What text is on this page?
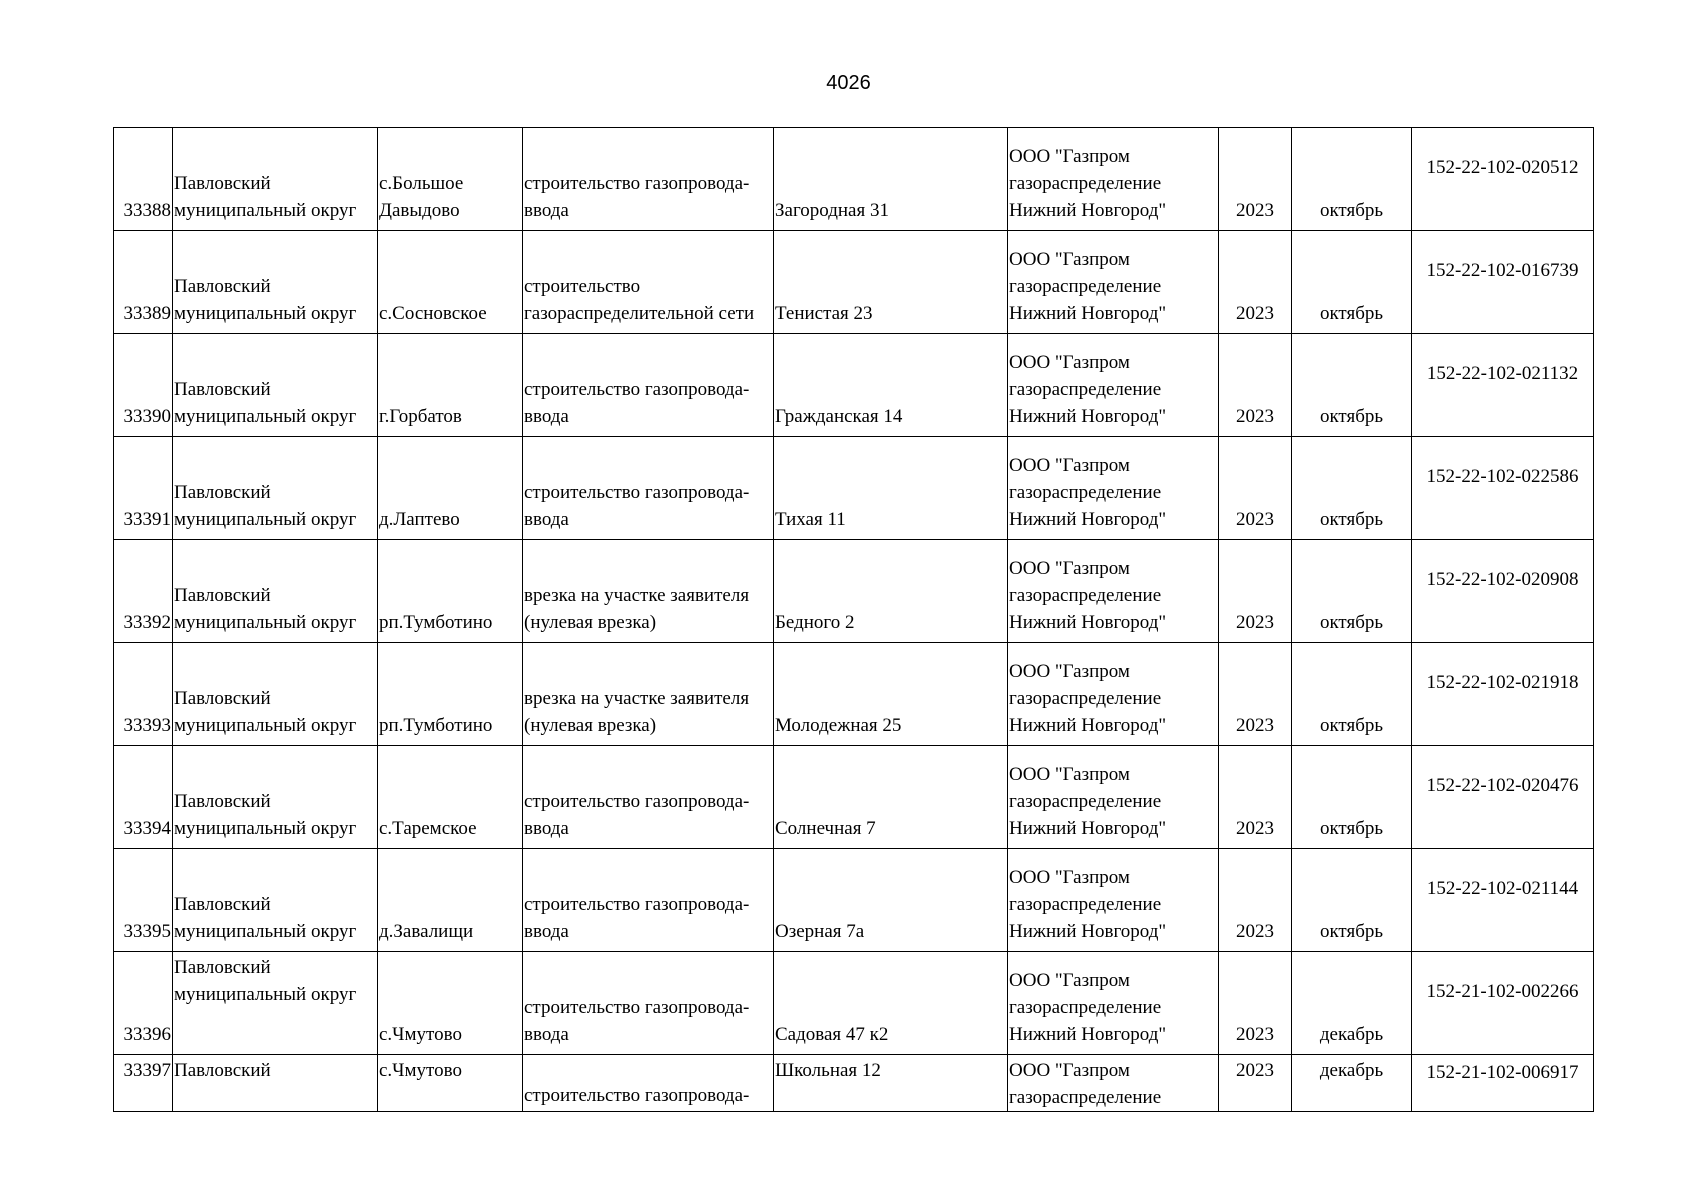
4026
33388	Павловский
муниципальный округ	с.Большое
Давыдово	строительство газопровода-
ввода	Загородная 31	ООО "Газпром
газораспределение
Нижний Новгород"	2023	октябрь	152-22-102-020512

33389	Павловский
муниципальный округ	с.Сосновское	строительство
газораспределительной сети	Тенистая 23	ООО "Газпром
газораспределение
Нижний Новгород"	2023	октябрь	152-22-102-016739

33390	Павловский
муниципальный округ	г.Горбатов	строительство газопровода-
ввода	Гражданская 14	ООО "Газпром
газораспределение
Нижний Новгород"	2023	октябрь	152-22-102-021132

33391	Павловский
муниципальный округ	д.Лаптево	строительство газопровода-
ввода	Тихая 11	ООО "Газпром
газораспределение
Нижний Новгород"	2023	октябрь	152-22-102-022586

33392	Павловский
муниципальный округ	рп.Тумботино	врезка на участке заявителя
(нулевая врезка)	Бедного 2	ООО "Газпром
газораспределение
Нижний Новгород"	2023	октябрь	152-22-102-020908

33393	Павловский
муниципальный округ	рп.Тумботино	врезка на участке заявителя
(нулевая врезка)	Молодежная 25	ООО "Газпром
газораспределение
Нижний Новгород"	2023	октябрь	152-22-102-021918

33394	Павловский
муниципальный округ	с.Таремское	строительство газопровода-
ввода	Солнечная 7	ООО "Газпром
газораспределение
Нижний Новгород"	2023	октябрь	152-22-102-020476

33395	Павловский
муниципальный округ	д.Завалищи	строительство газопровода-
ввода	Озерная 7а	ООО "Газпром
газораспределение
Нижний Новгород"	2023	октябрь	152-22-102-021144

33396	Павловский
муниципальный округ	с.Чмутово	строительство газопровода-
ввода	Садовая 47 к2	ООО "Газпром
газораспределение
Нижний Новгород"	2023	декабрь	152-21-102-002266

33397	Павловский	с.Чмутово	строительство газопровода-	Школьная 12	ООО "Газпром
газораспределение	2023	декабрь	152-21-102-006917
